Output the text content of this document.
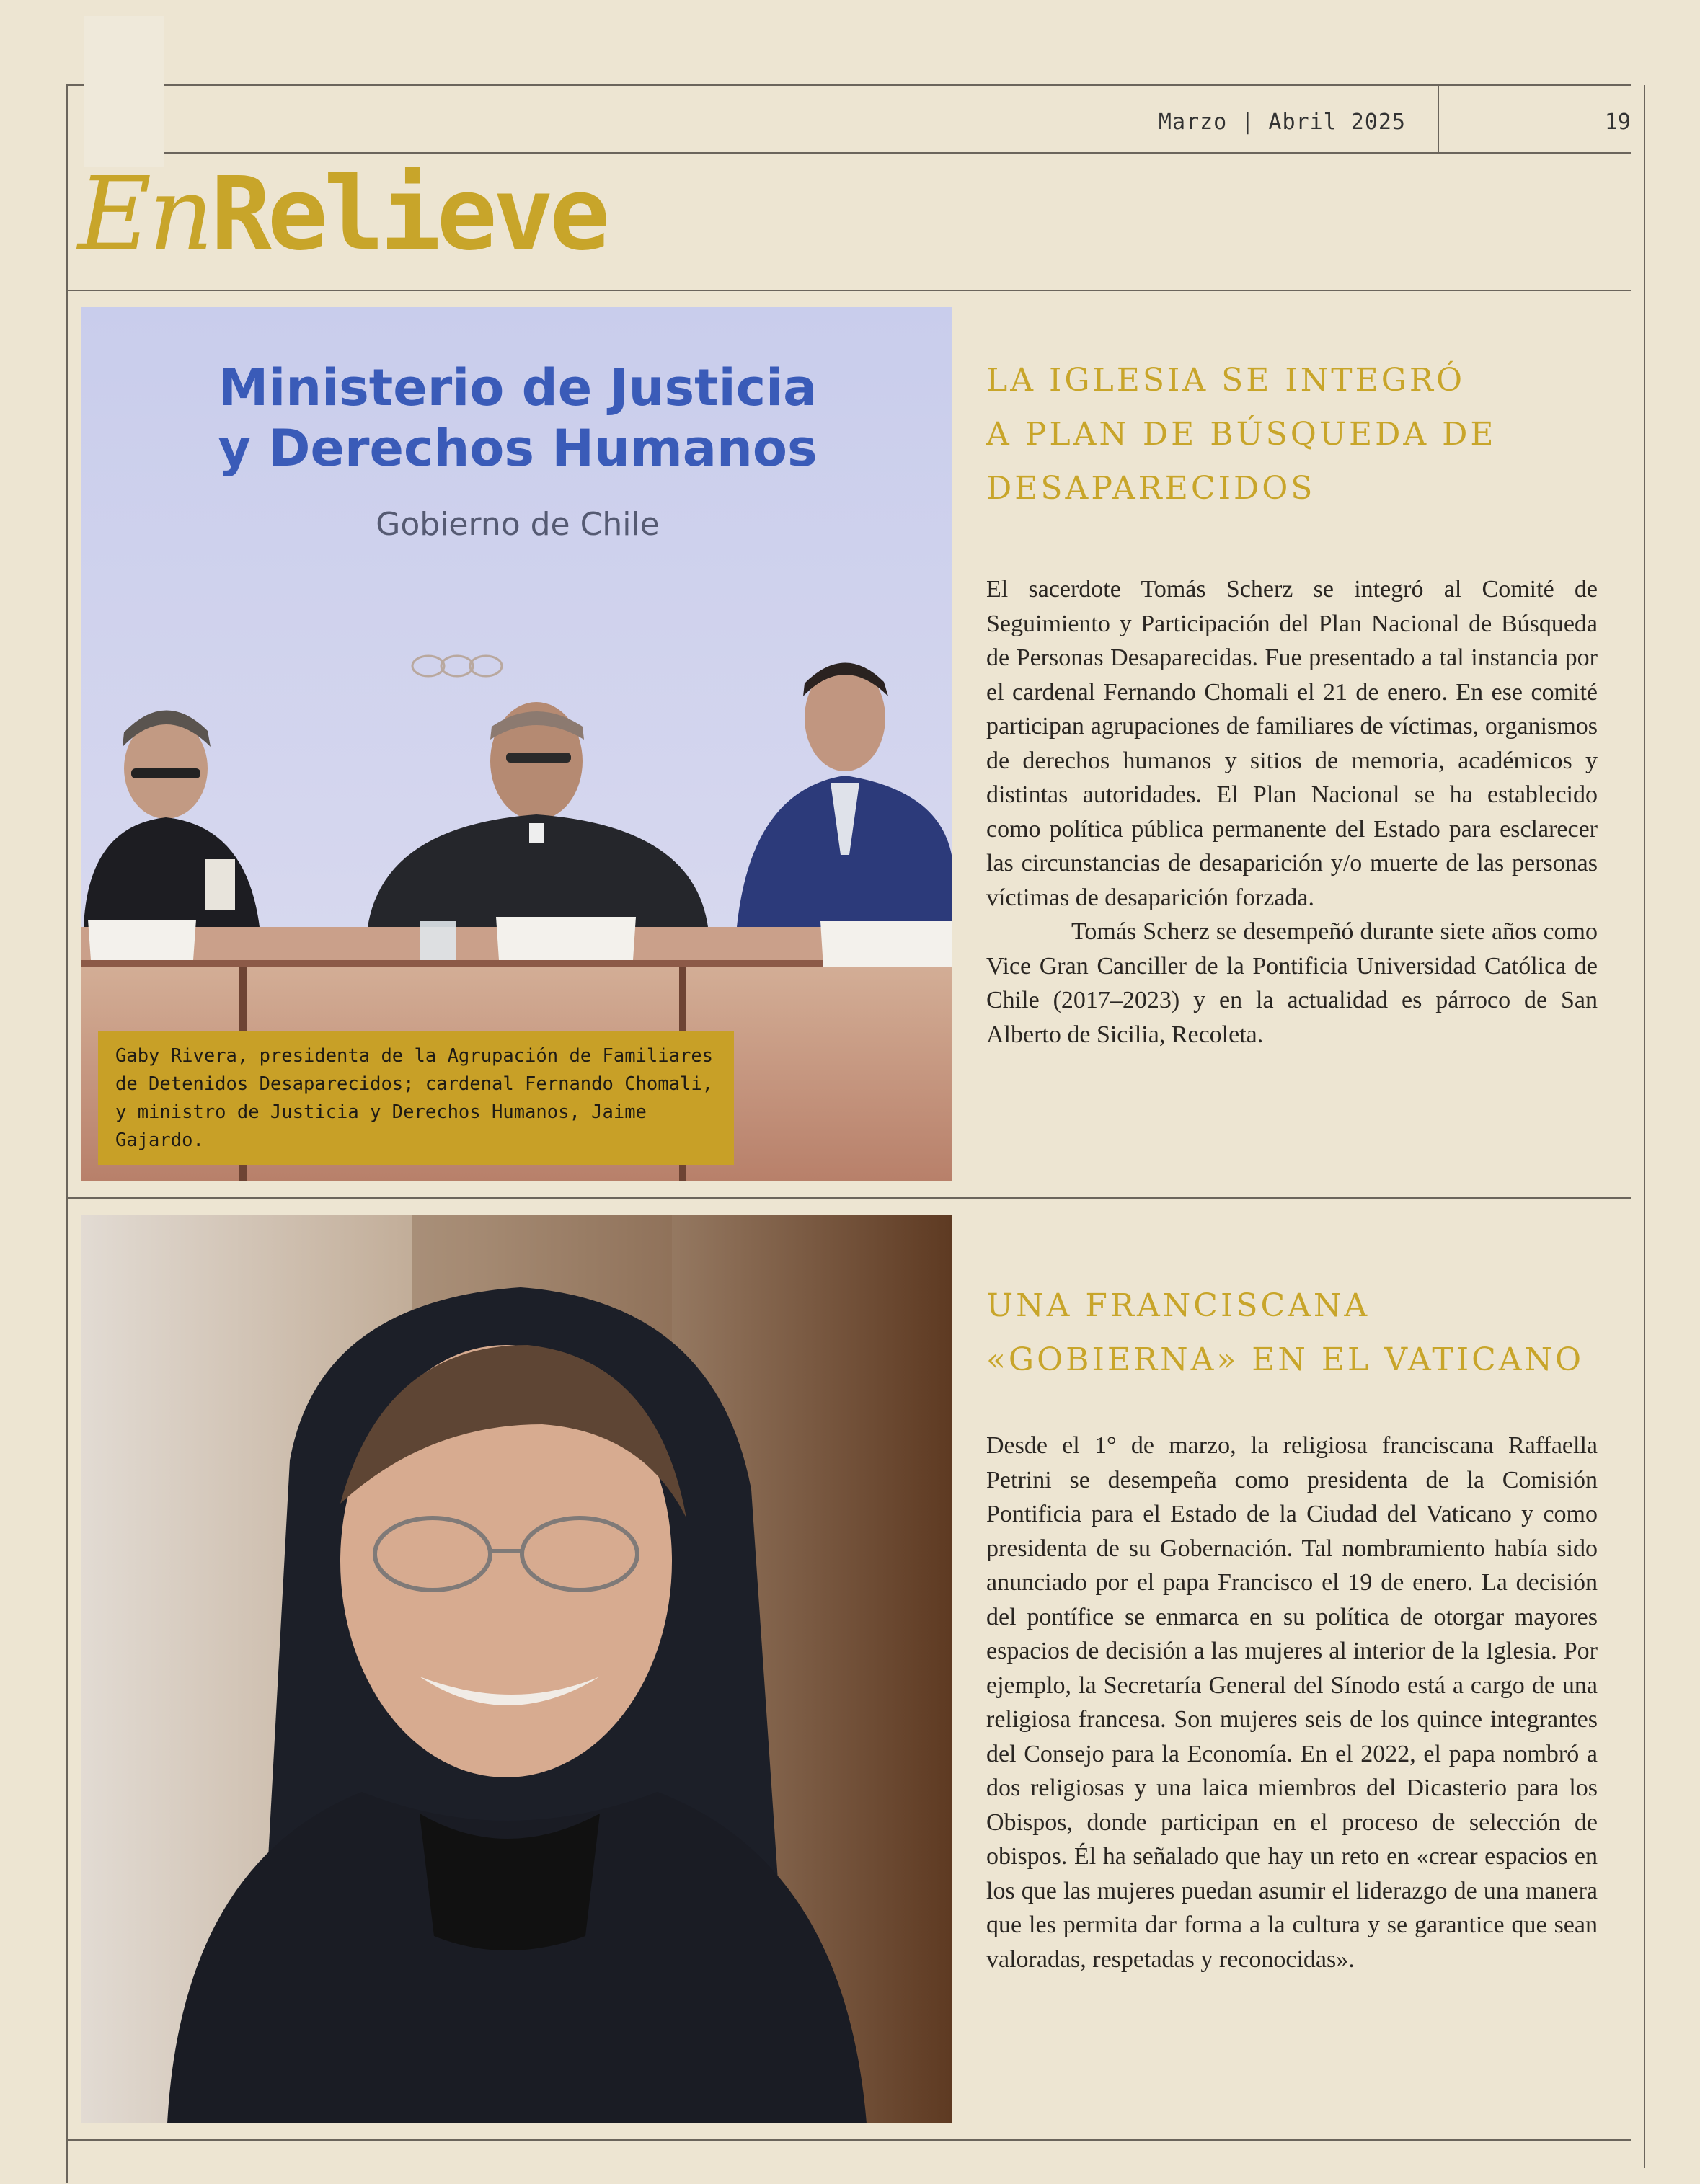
Marzo | Abril 2025	19
EnRelieve
Ministerio de Justicia
y Derechos Humanos
Gobierno de Chile
Gaby Rivera, presidenta de la Agrupación de Familiares de Detenidos Desaparecidos; cardenal Fernando Chomali, y ministro de Justicia y Derechos Humanos, Jaime Gajardo.
LA IGLESIA SE INTEGRÓ
A PLAN DE BÚSQUEDA DE
DESAPARECIDOS

El sacerdote Tomás Scherz se integró al Comité de Seguimiento y Participación del Plan Nacional de Búsqueda de Personas Desaparecidas. Fue presentado a tal instancia por el cardenal Fernando Chomali el 21 de enero. En ese comité participan agrupaciones de familiares de víctimas, organismos de derechos humanos y sitios de memoria, académicos y distintas autoridades. El Plan Nacional se ha establecido como política pública permanente del Estado para esclarecer las circunstancias de desaparición y/o muerte de las personas víctimas de desaparición forzada.

Tomás Scherz se desempeñó durante siete años como Vice Gran Canciller de la Pontificia Universidad Católica de Chile (2017–2023) y en la actualidad es párroco de San Alberto de Sicilia, Recoleta.

UNA FRANCISCANA
«GOBIERNA» EN EL VATICANO

Desde el 1° de marzo, la religiosa franciscana Raffaella Petrini se desempeña como presidenta de la Comisión Pontificia para el Estado de la Ciudad del Vaticano y como presidenta de su Gobernación. Tal nombramiento había sido anunciado por el papa Francisco el 19 de enero. La decisión del pontífice se enmarca en su política de otorgar mayores espacios de decisión a las mujeres al interior de la Iglesia. Por ejemplo, la Secretaría General del Sínodo está a cargo de una religiosa francesa. Son mujeres seis de los quince integrantes del Consejo para la Economía. En el 2022, el papa nombró a dos religiosas y una laica miembros del Dicasterio para los Obispos, donde participan en el proceso de selección de obispos. Él ha señalado que hay un reto en «crear espacios en los que las mujeres puedan asumir el liderazgo de una manera que les permita dar forma a la cultura y se garantice que sean valoradas, respetadas y reconocidas».
